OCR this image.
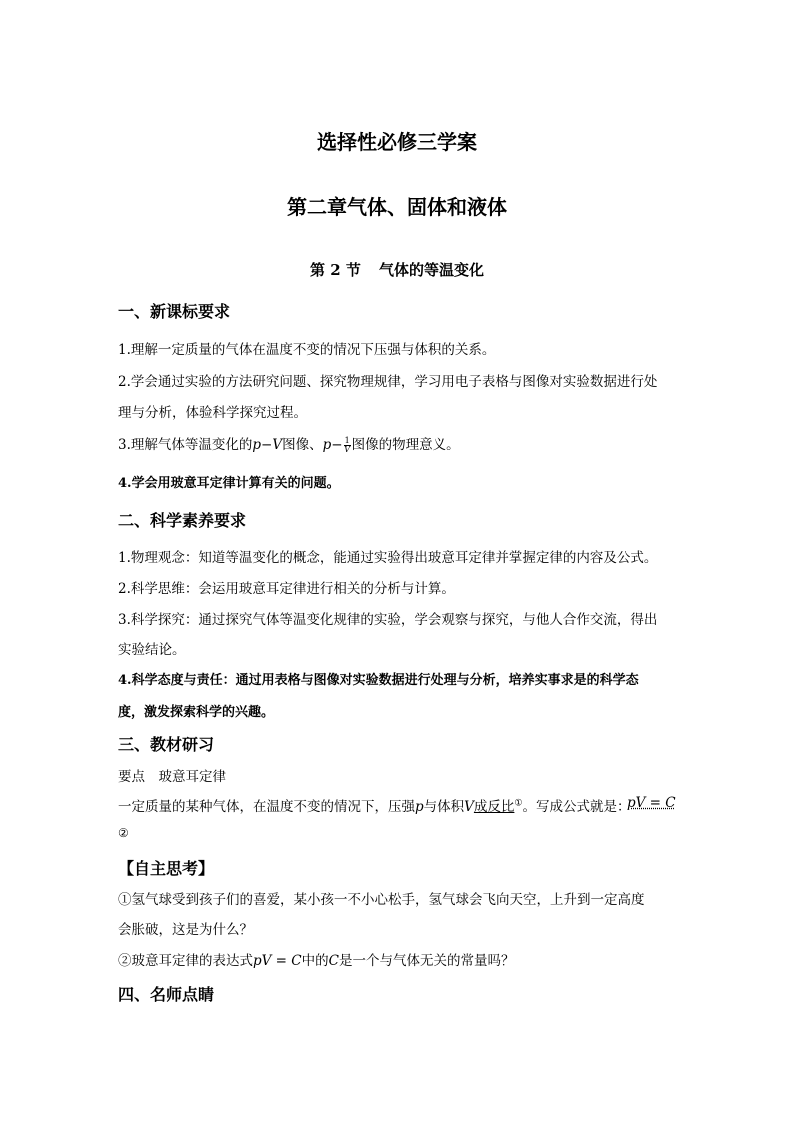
选择性必修三学案
第二章气体、固体和液体
第 2 节 气体的等温变化
一、新课标要求
1.理解一定质量的气体在温度不变的情况下压强与体积的关系。
2.学会通过实验的方法研究问题、探究物理规律，学习用电子表格与图像对实验数据进行处
理与分析，体验科学探究过程。
3.理解气体等温变化的p−V图像、$p- \frac{1}{V}$ 图像的物理意义。
4.学会用玻意耳定律计算有关的问题。
二、科学素养要求
1.物理观念：知道等温变化的概念，能通过实验得出玻意耳定律并掌握定律的内容及公式。
2.科学思维：会运用玻意耳定律进行相关的分析与计算。
3.科学探究：通过探究气体等温变化规律的实验，学会观察与探究，与他人合作交流，得出
实验结论。
4.科学态度与责任：通过用表格与图像对实验数据进行处理与分析，培养实事求是的科学态
度，激发探索科学的兴趣。
三、教材研习
要点　玻意耳定律
一定质量的某种气体，在温度不变的情况下，压强p与体积V成反比①。写成公式就是：
pV = C
②
【自主思考】
①氢气球受到孩子们的喜爱，某小孩一不小心松手，氢气球会飞向天空，上升到一定高度
会胀破，这是为什么？
②玻意耳定律的表达式pV = C中的C是一个与气体无关的常量吗？
四、名师点睛
